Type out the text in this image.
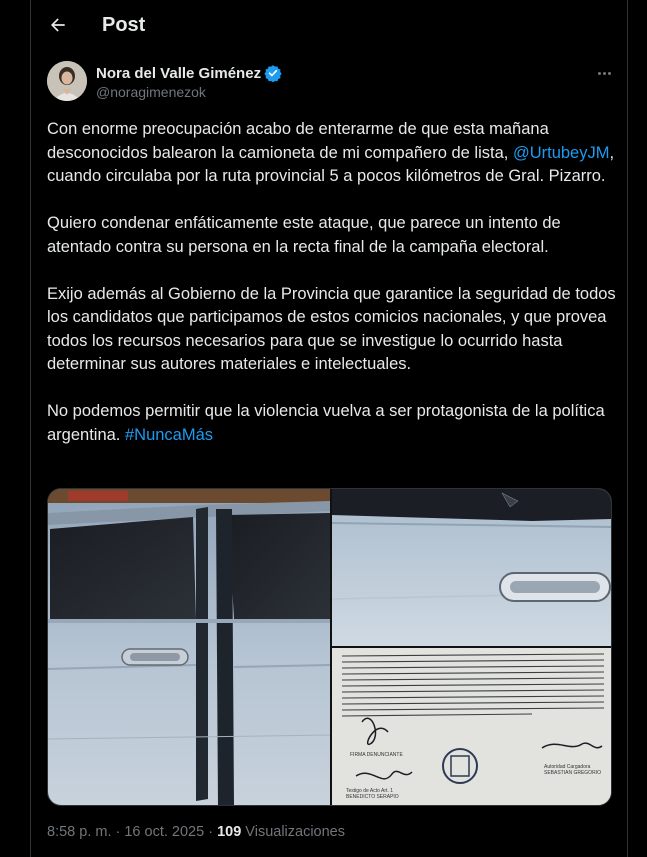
Post
Nora del Valle Giménez
@noragimenezok

Con enorme preocupación acabo de enterarme de que esta mañana desconocidos balearon la camioneta de mi compañero de lista, @UrtubeyJM, cuando circulaba por la ruta provincial 5 a pocos kilómetros de Gral. Pizarro.

Quiero condenar enfáticamente este ataque, que parece un intento de atentado contra su persona en la recta final de la campaña electoral.

Exijo además al Gobierno de la Provincia que garantice la seguridad de todos los candidatos que participamos de estos comicios nacionales, y que provea todos los recursos necesarios para que se investigue lo ocurrido hasta determinar sus autores materiales e intelectuales.

No podemos permitir que la violencia vuelva a ser protagonista de la política argentina. #NuncaMás

FIRMA DENUNCIANTE
Testigo de Acto Art. 1
BENEDICTO SERAPIO
Autoridad Cargadora
SEBASTIAN GREGORIO
8:58 p. m. · 16 oct. 2025 · 109 Visualizaciones
